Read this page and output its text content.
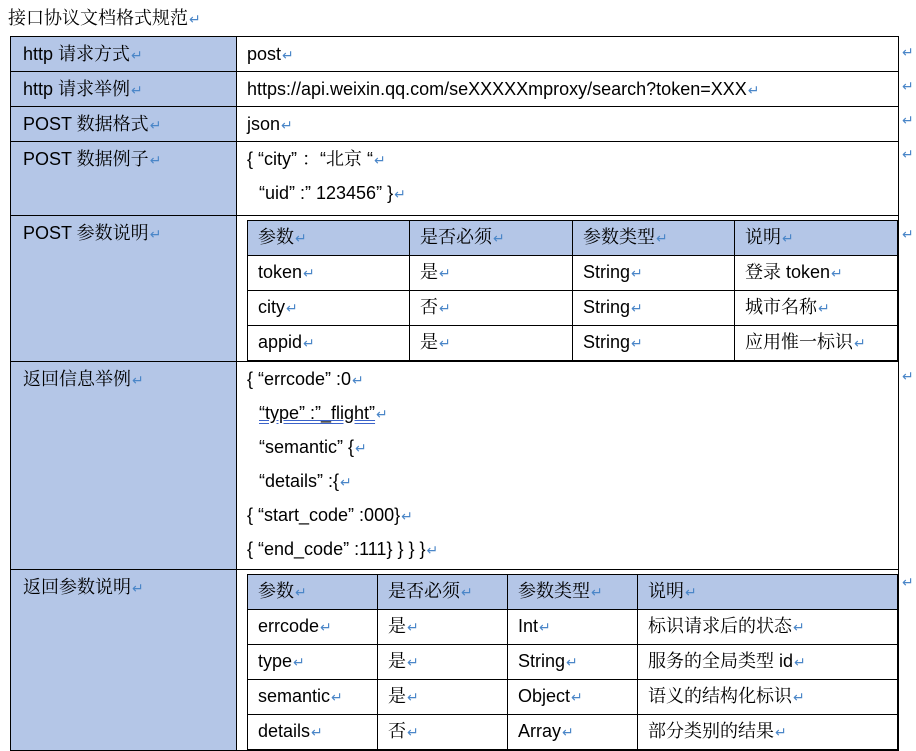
接口协议文档格式规范↵
http 请求方式↵	post↵

http 请求举例↵	https://api.weixin.qq.com/seXXXXXmproxy/search?token=XXX↵

POST 数据格式↵	json↵

POST 数据例子↵	{ “city” ：“北京 “↵
“uid” :” 123456” }↵

POST 参数说明↵
		参数↵	是否必须↵	参数类型↵	说明↵
token↵	是↵	String↵	登录 token↵
city↵	否↵	String↵	城市名称↵
appid↵	是↵	String↵	应用惟一标识↵

返回信息举例↵	{ “errcode” :0↵
“type” :”_flight”↵
“semantic” {↵
“details” :{↵
{ “start_code” :000}↵
{ “end_code” :111} } } }↵

返回参数说明↵
		参数↵	是否必须↵	参数类型↵	说明↵
errcode↵	是↵	Int↵	标识请求后的状态↵
type↵	是↵	String↵	服务的全局类型 id↵
semantic↵	是↵	Object↵	语义的结构化标识↵
details↵	否↵	Array↵	部分类别的结果↵
↵
↵
↵
↵
↵
↵
↵
